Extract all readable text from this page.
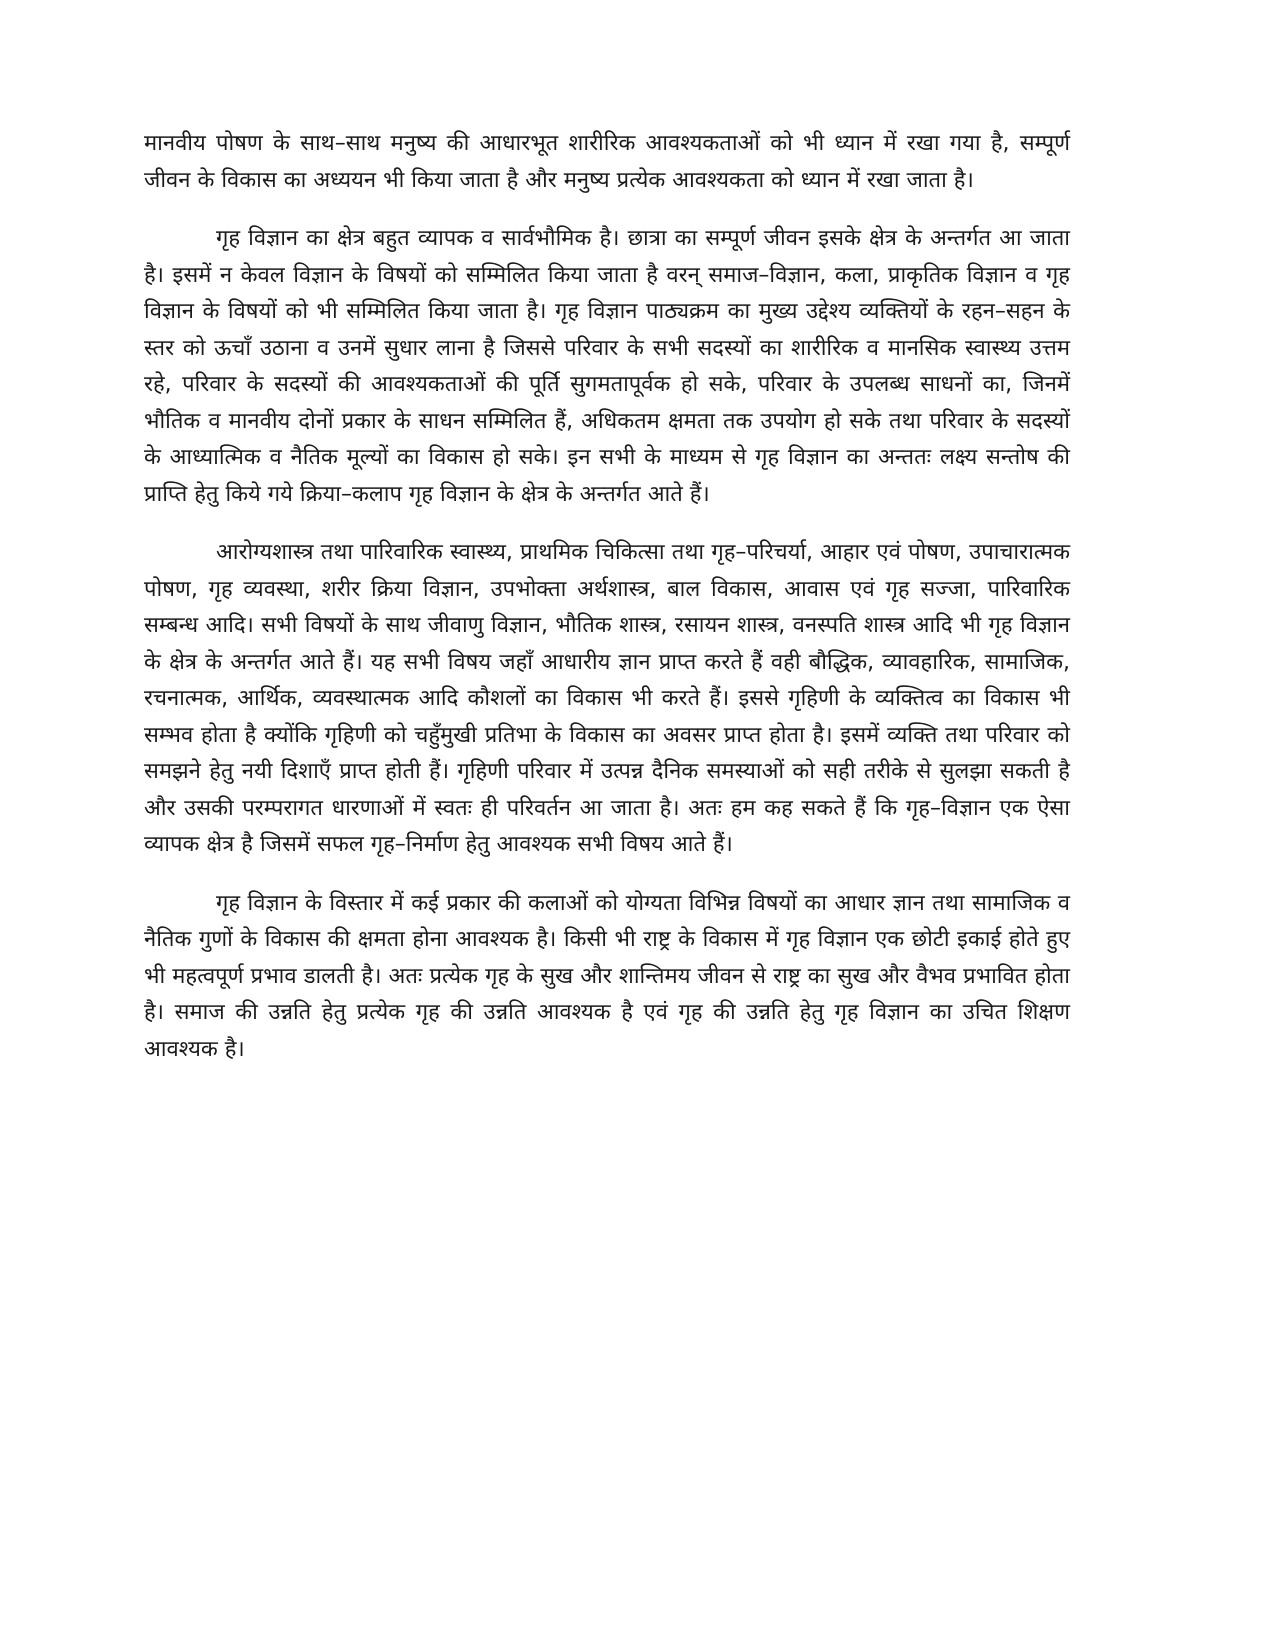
मानवीय पोषण के साथ–साथ मनुष्य की आधारभूत शारीरिक आवश्यकताओं को भी ध्यान में रखा गया है, सम्पूर्ण जीवन के विकास का अध्ययन भी किया जाता है और मनुष्य प्रत्येक आवश्यकता को ध्यान में रखा जाता है।

गृह विज्ञान का क्षेत्र बहुत व्यापक व सार्वभौमिक है। छात्रा का सम्पूर्ण जीवन इसके क्षेत्र के अन्तर्गत आ जाता है। इसमें न केवल विज्ञान के विषयों को सम्मिलित किया जाता है वरन् समाज–विज्ञान, कला, प्राकृतिक विज्ञान व गृह विज्ञान के विषयों को भी सम्मिलित किया जाता है। गृह विज्ञान पाठ्यक्रम का मुख्य उद्देश्य व्यक्तियों के रहन–सहन के स्तर को ऊचाँ उठाना व उनमें सुधार लाना है जिससे परिवार के सभी सदस्यों का शारीरिक व मानसिक स्वास्थ्य उत्तम रहे, परिवार के सदस्यों की आवश्यकताओं की पूर्ति सुगमतापूर्वक हो सके, परिवार के उपलब्ध साधनों का, जिनमें भौतिक व मानवीय दोनों प्रकार के साधन सम्मिलित हैं, अधिकतम क्षमता तक उपयोग हो सके तथा परिवार के सदस्यों के आध्यात्मिक व नैतिक मूल्यों का विकास हो सके। इन सभी के माध्यम से गृह विज्ञान का अन्ततः लक्ष्य सन्तोष की प्राप्ति हेतु किये गये क्रिया–कलाप गृह विज्ञान के क्षेत्र के अन्तर्गत आते हैं।

आरोग्यशास्त्र तथा पारिवारिक स्वास्थ्य, प्राथमिक चिकित्सा तथा गृह–परिचर्या, आहार एवं पोषण, उपाचारात्मक पोषण, गृह व्यवस्था, शरीर क्रिया विज्ञान, उपभोक्ता अर्थशास्त्र, बाल विकास, आवास एवं गृह सज्जा, पारिवारिक सम्बन्ध आदि। सभी विषयों के साथ जीवाणु विज्ञान, भौतिक शास्त्र, रसायन शास्त्र, वनस्पति शास्त्र आदि भी गृह विज्ञान के क्षेत्र के अन्तर्गत आते हैं। यह सभी विषय जहाँ आधारीय ज्ञान प्राप्त करते हैं वही बौद्धिक, व्यावहारिक, सामाजिक, रचनात्मक, आर्थिक, व्यवस्थात्मक आदि कौशलों का विकास भी करते हैं। इससे गृहिणी के व्यक्तित्व का विकास भी सम्भव होता है क्योंकि गृहिणी को चहुँमुखी प्रतिभा के विकास का अवसर प्राप्त होता है। इसमें व्यक्ति तथा परिवार को समझने हेतु नयी दिशाएँ प्राप्त होती हैं। गृहिणी परिवार में उत्पन्न दैनिक समस्याओं को सही तरीके से सुलझा सकती है और उसकी परम्परागत धारणाओं में स्वतः ही परिवर्तन आ जाता है। अतः हम कह सकते हैं कि गृह–विज्ञान एक ऐसा व्यापक क्षेत्र है जिसमें सफल गृह–निर्माण हेतु आवश्यक सभी विषय आते हैं।

गृह विज्ञान के विस्तार में कई प्रकार की कलाओं को योग्यता विभिन्न विषयों का आधार ज्ञान तथा सामाजिक व नैतिक गुणों के विकास की क्षमता होना आवश्यक है। किसी भी राष्ट्र के विकास में गृह विज्ञान एक छोटी इकाई होते हुए भी महत्वपूर्ण प्रभाव डालती है। अतः प्रत्येक गृह के सुख और शान्तिमय जीवन से राष्ट्र का सुख और वैभव प्रभावित होता है। समाज की उन्नति हेतु प्रत्येक गृह की उन्नति आवश्यक है एवं गृह की उन्नति हेतु गृह विज्ञान का उचित शिक्षण आवश्यक है।
